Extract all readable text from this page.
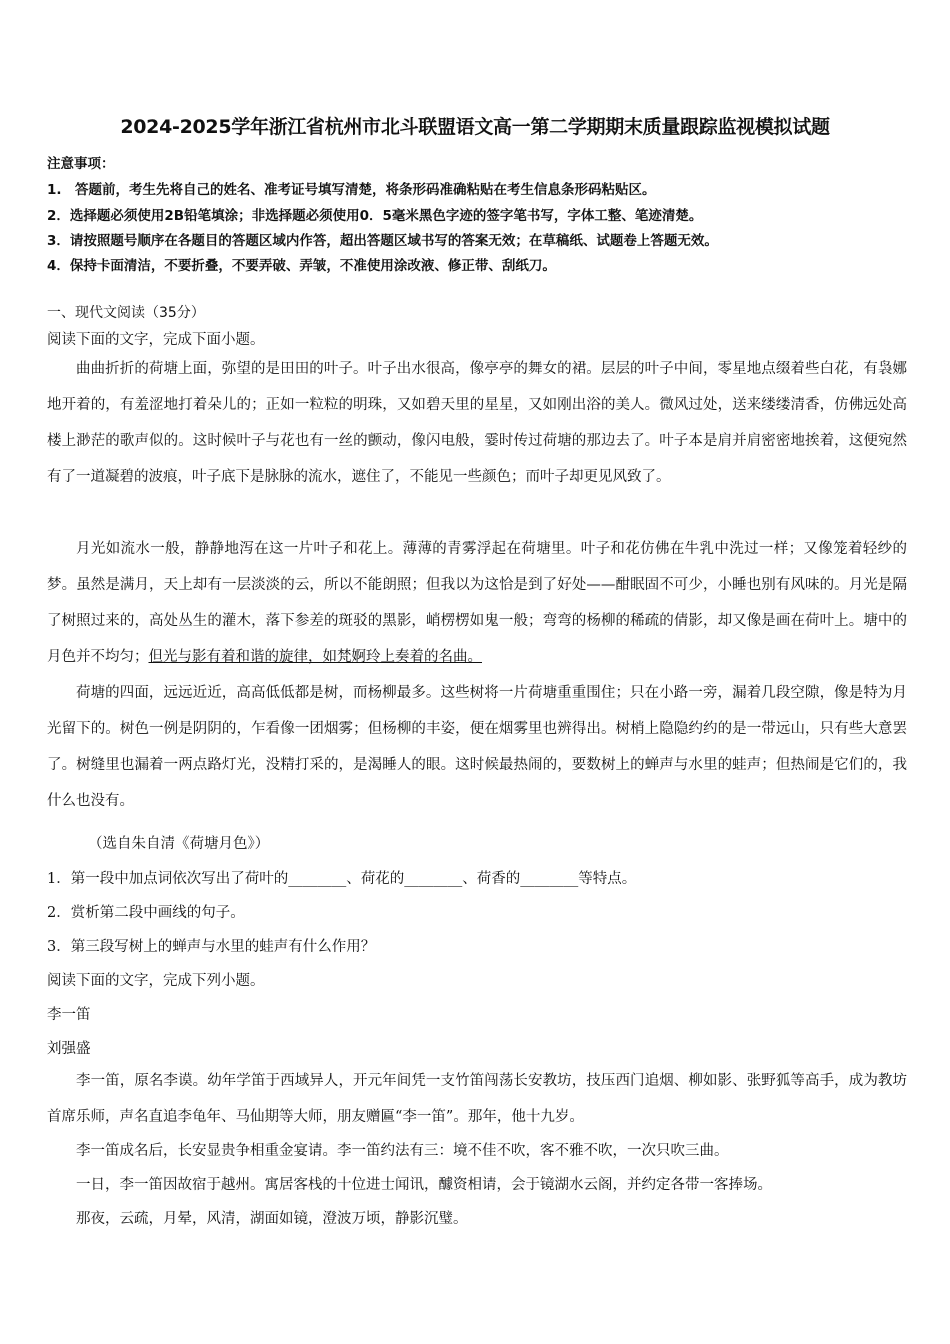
2024-2025学年浙江省杭州市北斗联盟语文高一第二学期期末质量跟踪监视模拟试题
注意事项：
1.　答题前，考生先将自己的姓名、准考证号填写清楚，将条形码准确粘贴在考生信息条形码粘贴区。
2．选择题必须使用2B铅笔填涂；非选择题必须使用0．5毫米黑色字迹的签字笔书写，字体工整、笔迹清楚。
3．请按照题号顺序在各题目的答题区域内作答，超出答题区域书写的答案无效；在草稿纸、试题卷上答题无效。
4．保持卡面清洁，不要折叠，不要弄破、弄皱，不准使用涂改液、修正带、刮纸刀。
一、现代文阅读（35分）
阅读下面的文字，完成下面小题。

曲曲折折的荷塘上面，弥望的是田田的叶子。叶子出水很高，像亭亭的舞女的裙。层层的叶子中间，零星地点缀着些白花，有袅娜地开着的，有羞涩地打着朵儿的；正如一粒粒的明珠，又如碧天里的星星，又如刚出浴的美人。微风过处，送来缕缕清香，仿佛远处高楼上渺茫的歌声似的。这时候叶子与花也有一丝的颤动，像闪电般，霎时传过荷塘的那边去了。叶子本是肩并肩密密地挨着，这便宛然有了一道凝碧的波痕，叶子底下是脉脉的流水，遮住了，不能见一些颜色；而叶子却更见风致了。

月光如流水一般，静静地泻在这一片叶子和花上。薄薄的青雾浮起在荷塘里。叶子和花仿佛在牛乳中洗过一样；又像笼着轻纱的梦。虽然是满月，天上却有一层淡淡的云，所以不能朗照；但我以为这恰是到了好处——酣眠固不可少，小睡也别有风味的。月光是隔了树照过来的，高处丛生的灌木，落下参差的斑驳的黑影，峭楞楞如鬼一般；弯弯的杨柳的稀疏的倩影，却又像是画在荷叶上。塘中的月色并不均匀；但光与影有着和谐的旋律，如梵婀玲上奏着的名曲。

荷塘的四面，远远近近，高高低低都是树，而杨柳最多。这些树将一片荷塘重重围住；只在小路一旁，漏着几段空隙，像是特为月光留下的。树色一例是阴阴的，乍看像一团烟雾；但杨柳的丰姿，便在烟雾里也辨得出。树梢上隐隐约约的是一带远山，只有些大意罢了。树缝里也漏着一两点路灯光，没精打采的，是渴睡人的眼。这时候最热闹的，要数树上的蝉声与水里的蛙声；但热闹是它们的，我什么也没有。

（选自朱自清《荷塘月色》）
1．第一段中加点词依次写出了荷叶的________、荷花的________、荷香的________等特点。
2．赏析第二段中画线的句子。
3．第三段写树上的蝉声与水里的蛙声有什么作用？
阅读下面的文字，完成下列小题。
李一笛
刘强盛

李一笛，原名李谟。幼年学笛于西域异人，开元年间凭一支竹笛闯荡长安教坊，技压西门追烟、柳如影、张野狐等高手，成为教坊首席乐师，声名直追李龟年、马仙期等大师，朋友赠匾“李一笛”。那年，他十九岁。

李一笛成名后，长安显贵争相重金宴请。李一笛约法有三：境不佳不吹，客不雅不吹，一次只吹三曲。

一日，李一笛因故宿于越州。寓居客栈的十位进士闻讯，醵资相请，会于镜湖水云阁，并约定各带一客捧场。

那夜，云疏，月晕，风清，湖面如镜，澄波万顷，静影沉璧。
